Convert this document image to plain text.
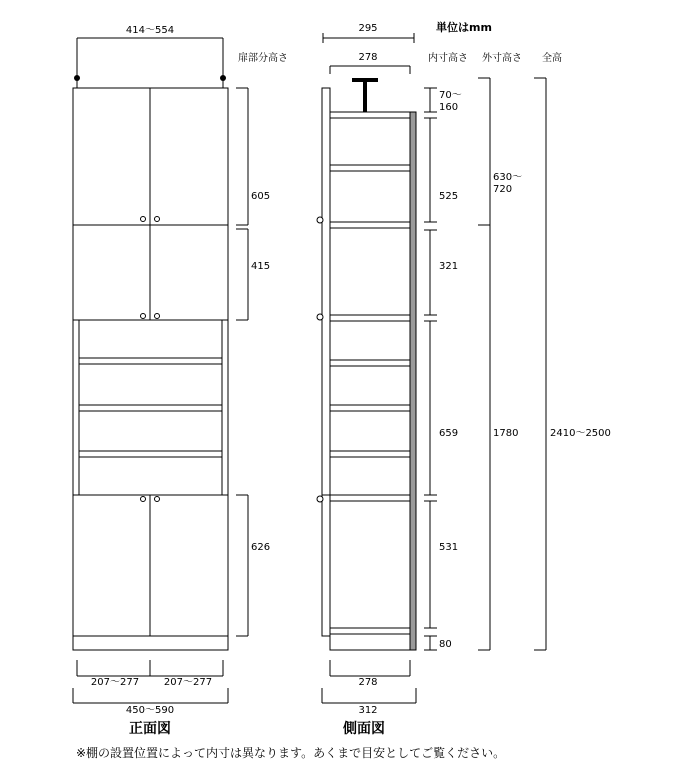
414～554
605
415
626
207～277 207～277
450～590
正面図
295
278
70～ 160
525
321
659
531
80
630～ 720
1780	2410～2500
278
312
側面図
単位はmm
扉部分高さ	内寸高さ 外寸高さ 全高
※棚の設置位置によって内寸は異なります。あくまで目安としてご覧ください。
